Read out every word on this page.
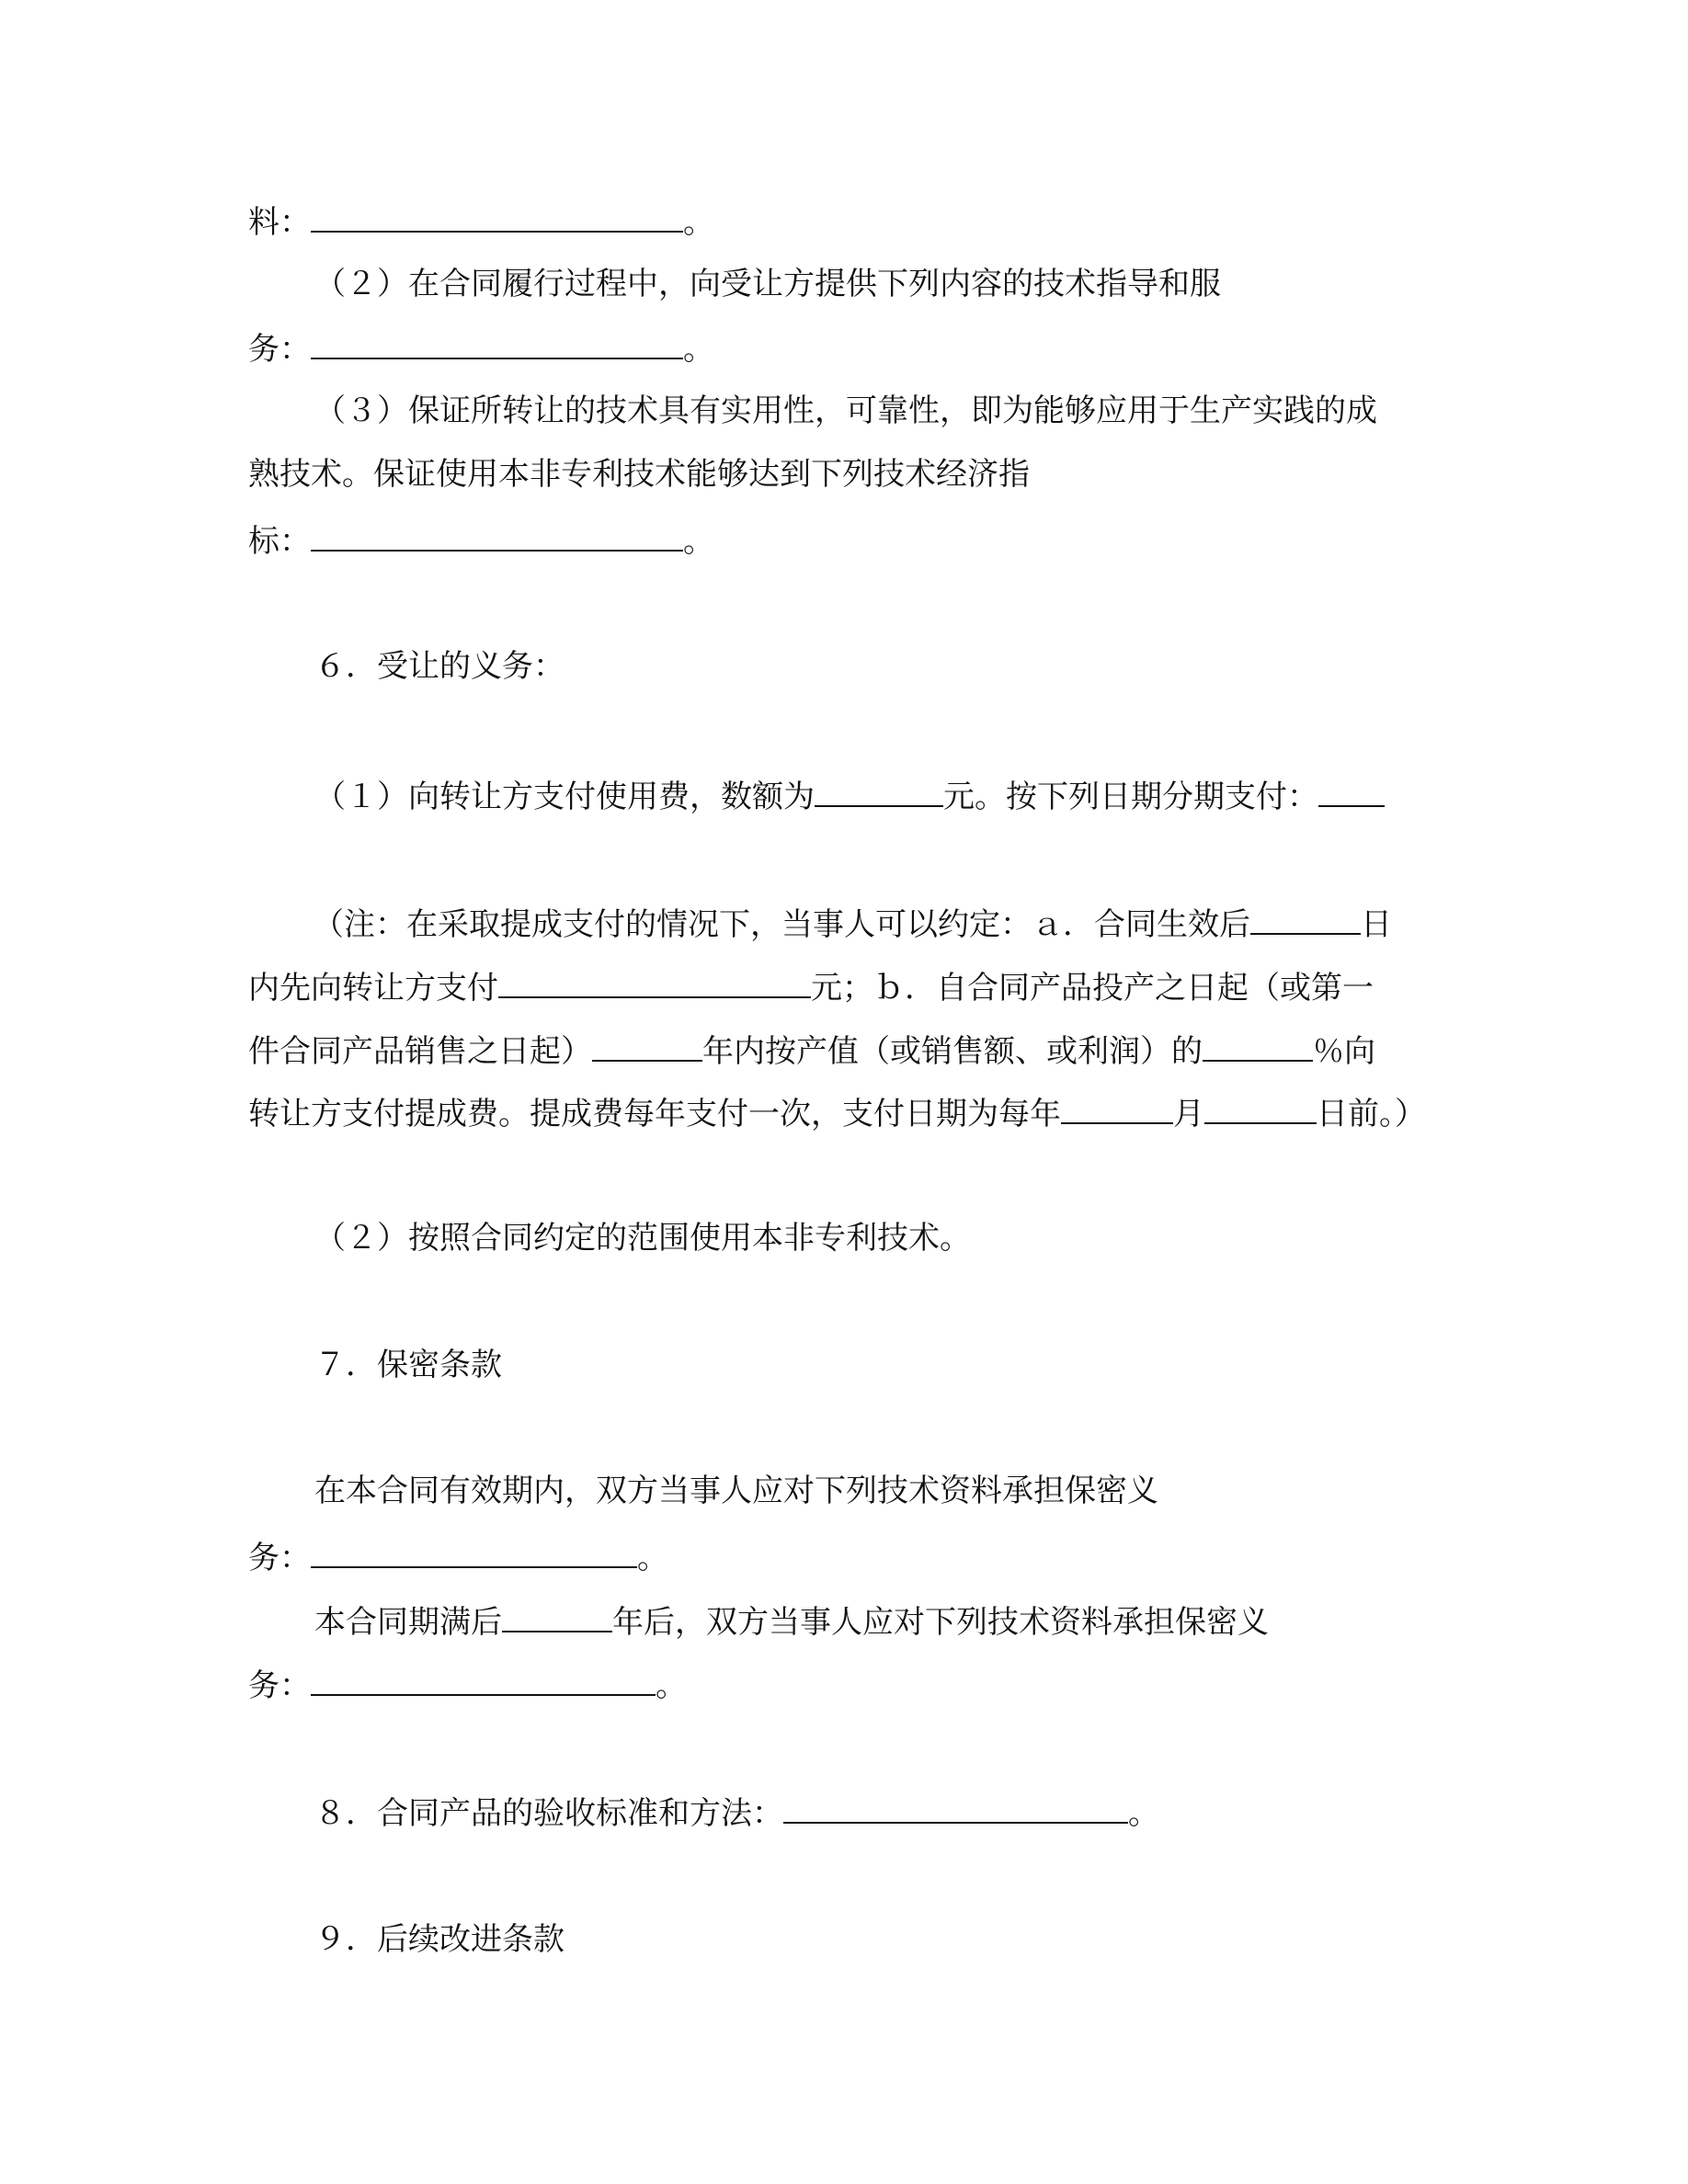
料：	。
（２）在合同履行过程中，向受让方提供下列内容的技术指导和服
务：	。
（３）保证所转让的技术具有实用性，可靠性，即为能够应用于生产实践的成
熟技术。保证使用本非专利技术能够达到下列技术经济指
标：	。
６．受让的义务：
（１）向转让方支付使用费，数额为	元。按下列日期分期支付：
（注：在采取提成支付的情况下，当事人可以约定：ａ．合同生效后	日
内先向转让方支付	元；ｂ．自合同产品投产之日起（或第一
件合同产品销售之日起）	年内按产值（或销售额、或利润）的	％向
转让方支付提成费。提成费每年支付一次，支付日期为每年	月	日前。）
（２）按照合同约定的范围使用本非专利技术。
７．保密条款
在本合同有效期内，双方当事人应对下列技术资料承担保密义
务：	。
本合同期满后	年后，双方当事人应对下列技术资料承担保密义
务：	。
８．合同产品的验收标准和方法：	。
９．后续改进条款
